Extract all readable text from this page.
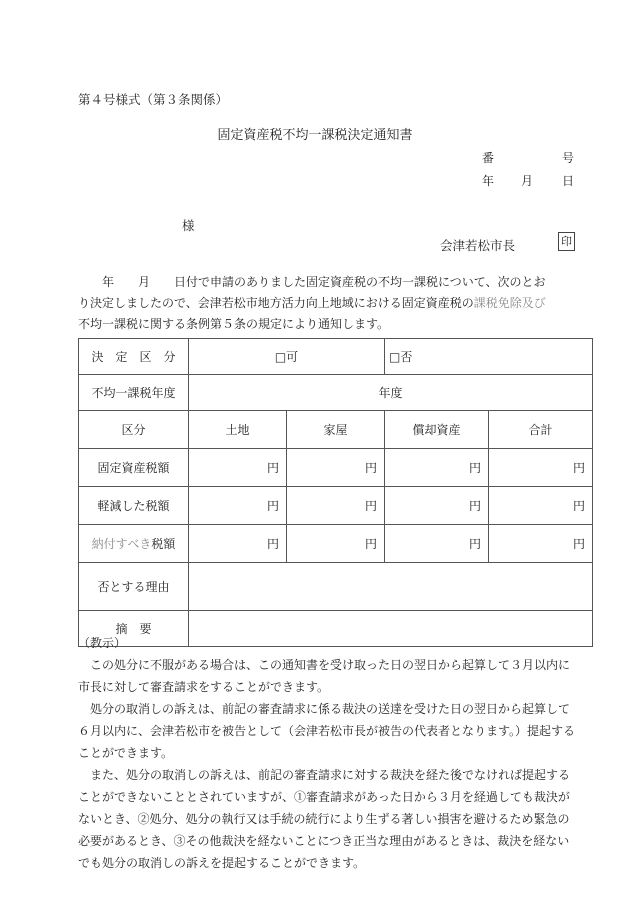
第４号様式（第３条関係）
固定資産税不均一課税決定通知書
番	号
年 月 日
様
会津若松市長	印
　　年　　月　　日付で申請のありました固定資産税の不均一課税について、次のとお
り決定しましたので、会津若松市地方活力向上地域における固定資産税の課税免除及び
不均一課税に関する条例第５条の規定により通知します。
決　定　区　分	□可		□否	
不均一課税年度	年度			
区分	土地	家屋	償却資産	合計
固定資産税額	円	円	円	円
軽減した税額	円	円	円	円
納付すべき税額	円	円	円	円
否とする理由				
摘　要				
（教示）
　この処分に不服がある場合は、この通知書を受け取った日の翌日から起算して３月以内に
市長に対して審査請求をすることができます。
　処分の取消しの訴えは、前記の審査請求に係る裁決の送達を受けた日の翌日から起算して
６月以内に、会津若松市を被告として（会津若松市長が被告の代表者となります。）提起する
ことができます。
　また、処分の取消しの訴えは、前記の審査請求に対する裁決を経た後でなければ提起する
ことができないこととされていますが、①審査請求があった日から３月を経過しても裁決が
ないとき、②処分、処分の執行又は手続の続行により生ずる著しい損害を避けるため緊急の
必要があるとき、③その他裁決を経ないことにつき正当な理由があるときは、裁決を経ない
でも処分の取消しの訴えを提起することができます。
